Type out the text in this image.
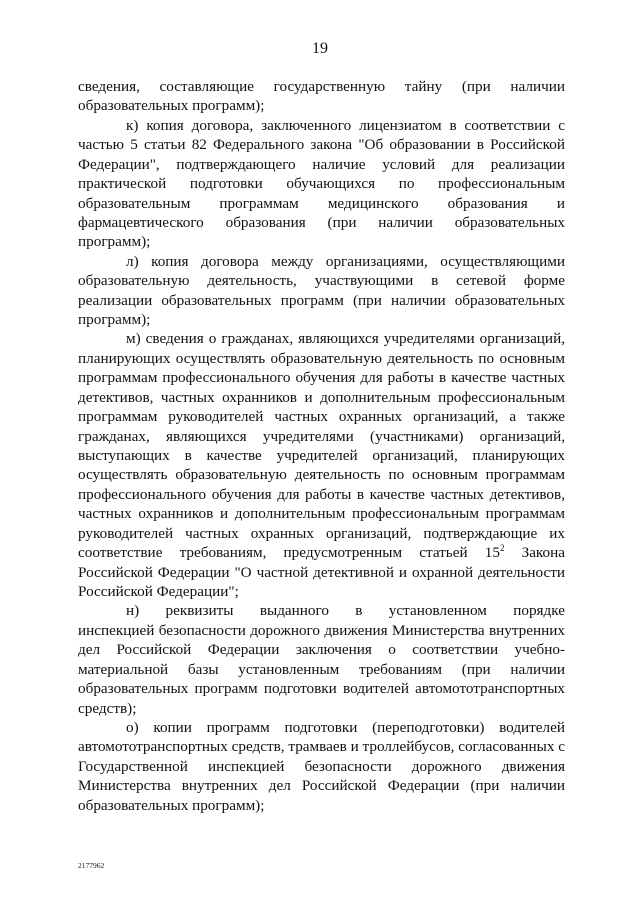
19
сведения, составляющие государственную тайну (при наличии
образовательных программ);
к) копия договора, заключенного лицензиатом в соответствии с
частью 5 статьи 82 Федерального закона "Об образовании в Российской
Федерации", подтверждающего наличие условий для реализации
практической подготовки обучающихся по профессиональным
образовательным программам медицинского образования и
фармацевтического образования (при наличии образовательных
программ);
л) копия договора между организациями, осуществляющими
образовательную деятельность, участвующими в сетевой форме
реализации образовательных программ (при наличии образовательных
программ);
м) сведения о гражданах, являющихся учредителями организаций,
планирующих осуществлять образовательную деятельность по основным
программам профессионального обучения для работы в качестве частных
детективов, частных охранников и дополнительным профессиональным
программам руководителей частных охранных организаций, а также
гражданах, являющихся учредителями (участниками) организаций,
выступающих в качестве учредителей организаций, планирующих
осуществлять образовательную деятельность по основным программам
профессионального обучения для работы в качестве частных детективов,
частных охранников и дополнительным профессиональным программам
руководителей частных охранных организаций, подтверждающие их
соответствие требованиям, предусмотренным статьей $15^2$ Закона
Российской Федерации "О частной детективной и охранной деятельности
Российской Федерации";
н) реквизиты выданного в установленном порядке
инспекцией безопасности дорожного движения Министерства внутренних
дел Российской Федерации заключения о соответствии учебно-
материальной базы установленным требованиям (при наличии
образовательных программ подготовки водителей автомототранспортных
средств);
о) копии программ подготовки (переподготовки) водителей
автомототранспортных средств, трамваев и троллейбусов, согласованных с
Государственной инспекцией безопасности дорожного движения
Министерства внутренних дел Российской Федерации (при наличии
образовательных программ);
2177962
